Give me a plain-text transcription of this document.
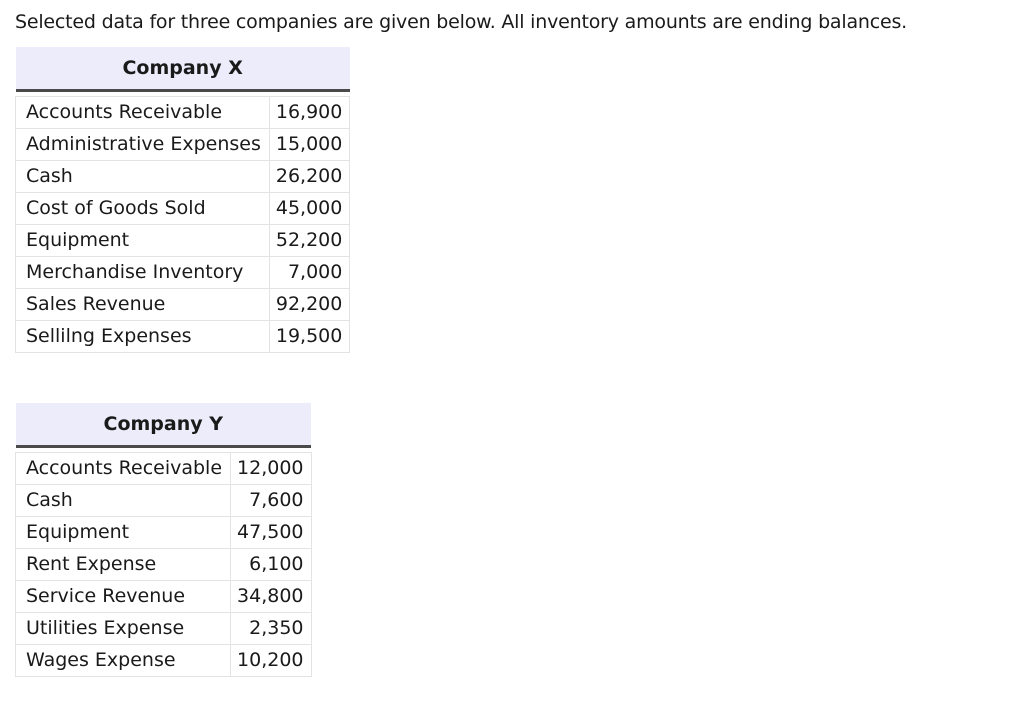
Selected data for three companies are given below. All inventory amounts are ending balances.
Company X	

Accounts Receivable	16,900
Administrative Expenses	15,000
Cash	26,200
Cost of Goods Sold	45,000
Equipment	52,200
Merchandise Inventory	7,000
Sales Revenue	92,200
Sellilng Expenses	19,500
Company Y	

Accounts Receivable	12,000
Cash	7,600
Equipment	47,500
Rent Expense	6,100
Service Revenue	34,800
Utilities Expense	2,350
Wages Expense	10,200
